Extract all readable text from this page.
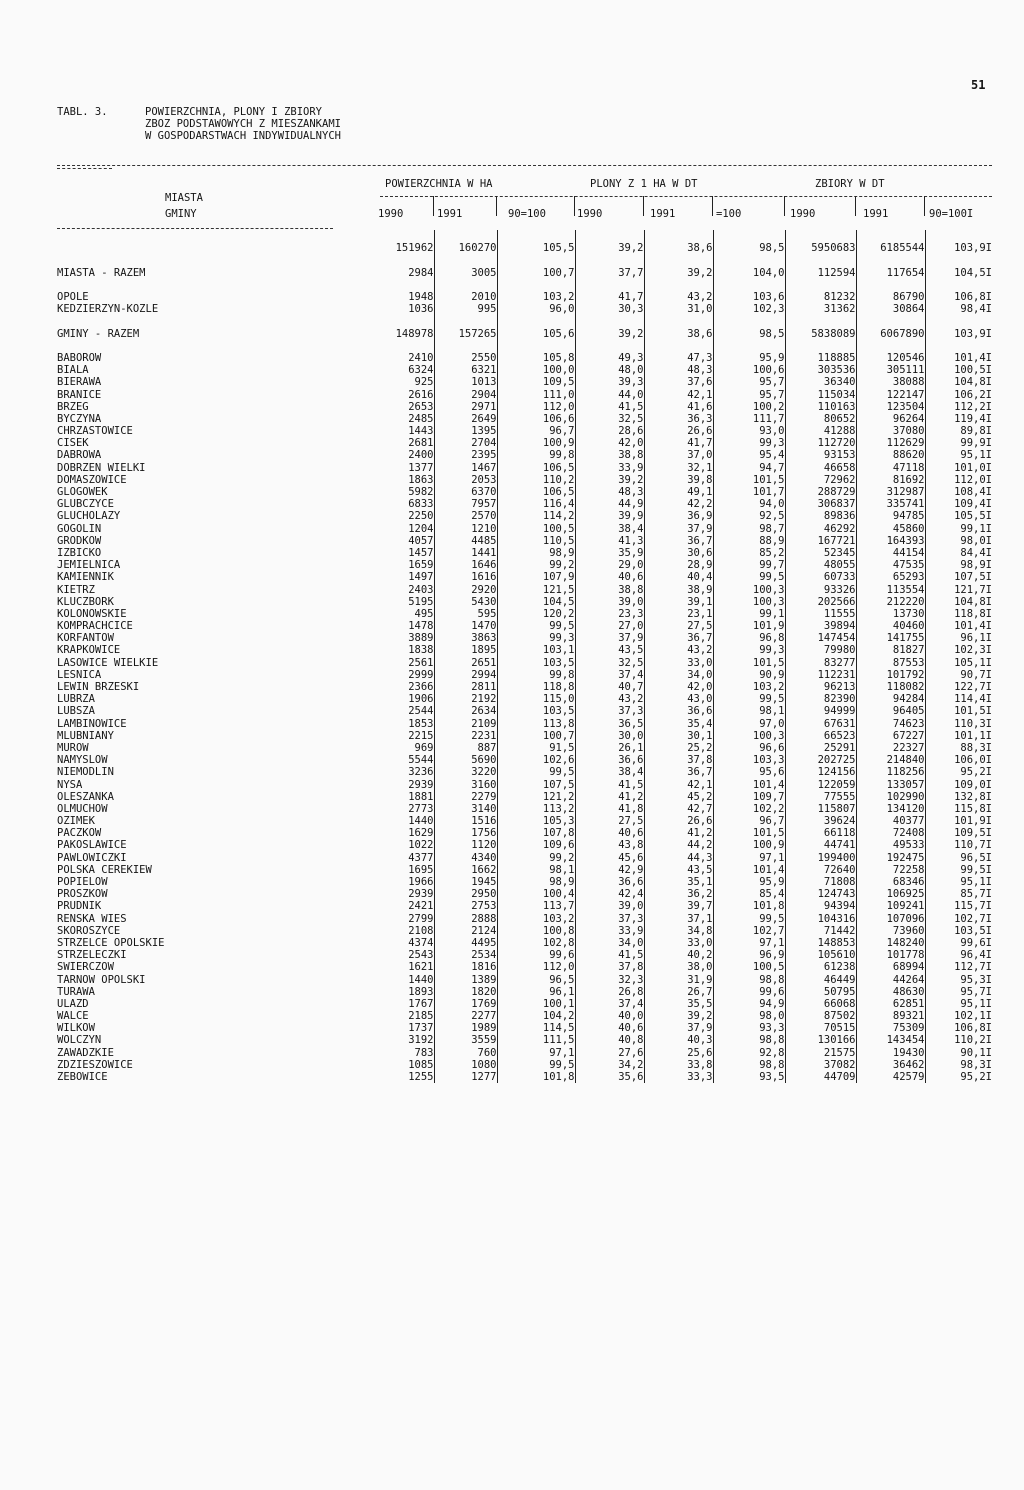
51
TABL. 3.	POWIERZCHNIA, PLONY I ZBIORY
ZBOZ PODSTAWOWYCH Z MIESZANKAMI
W GOSPODARSTWACH INDYWIDUALNYCH
MIASTA
GMINY
POWIERZCHNIA W HA	PLONY Z 1 HA W DT	ZBIORY W DT
1990	1991	90=100	1990	1991	=100	1990	1991	90=100I

		151962	160270	105,5	39,2	38,6	98,5	5950683	6185544	103,9I

MIASTA - RAZEM		2984	3005	100,7	37,7	39,2	104,0	112594	117654	104,5I

OPOLE		1948	2010	103,2	41,7	43,2	103,6	81232	86790	106,8I
KEDZIERZYN-KOZLE		1036	995	96,0	30,3	31,0	102,3	31362	30864	98,4I

GMINY - RAZEM		148978	157265	105,6	39,2	38,6	98,5	5838089	6067890	103,9I

BABOROW		2410	2550	105,8	49,3	47,3	95,9	118885	120546	101,4I
BIALA		6324	6321	100,0	48,0	48,3	100,6	303536	305111	100,5I
BIERAWA		925	1013	109,5	39,3	37,6	95,7	36340	38088	104,8I
BRANICE		2616	2904	111,0	44,0	42,1	95,7	115034	122147	106,2I
BRZEG		2653	2971	112,0	41,5	41,6	100,2	110163	123504	112,2I
BYCZYNA		2485	2649	106,6	32,5	36,3	111,7	80652	96264	119,4I
CHRZASTOWICE		1443	1395	96,7	28,6	26,6	93,0	41288	37080	89,8I
CISEK		2681	2704	100,9	42,0	41,7	99,3	112720	112629	99,9I
DABROWA		2400	2395	99,8	38,8	37,0	95,4	93153	88620	95,1I
DOBRZEN WIELKI		1377	1467	106,5	33,9	32,1	94,7	46658	47118	101,0I
DOMASZOWICE		1863	2053	110,2	39,2	39,8	101,5	72962	81692	112,0I
GLOGOWEK		5982	6370	106,5	48,3	49,1	101,7	288729	312987	108,4I
GLUBCZYCE		6833	7957	116,4	44,9	42,2	94,0	306837	335741	109,4I
GLUCHOLAZY		2250	2570	114,2	39,9	36,9	92,5	89836	94785	105,5I
GOGOLIN		1204	1210	100,5	38,4	37,9	98,7	46292	45860	99,1I
GRODKOW		4057	4485	110,5	41,3	36,7	88,9	167721	164393	98,0I
IZBICKO		1457	1441	98,9	35,9	30,6	85,2	52345	44154	84,4I
JEMIELNICA		1659	1646	99,2	29,0	28,9	99,7	48055	47535	98,9I
KAMIENNIK		1497	1616	107,9	40,6	40,4	99,5	60733	65293	107,5I
KIETRZ		2403	2920	121,5	38,8	38,9	100,3	93326	113554	121,7I
KLUCZBORK		5195	5430	104,5	39,0	39,1	100,3	202566	212220	104,8I
KOLONOWSKIE		495	595	120,2	23,3	23,1	99,1	11555	13730	118,8I
KOMPRACHCICE		1478	1470	99,5	27,0	27,5	101,9	39894	40460	101,4I
KORFANTOW		3889	3863	99,3	37,9	36,7	96,8	147454	141755	96,1I
KRAPKOWICE		1838	1895	103,1	43,5	43,2	99,3	79980	81827	102,3I
LASOWICE WIELKIE		2561	2651	103,5	32,5	33,0	101,5	83277	87553	105,1I
LESNICA		2999	2994	99,8	37,4	34,0	90,9	112231	101792	90,7I
LEWIN BRZESKI		2366	2811	118,8	40,7	42,0	103,2	96213	118082	122,7I
LUBRZA		1906	2192	115,0	43,2	43,0	99,5	82390	94284	114,4I
LUBSZA		2544	2634	103,5	37,3	36,6	98,1	94999	96405	101,5I
LAMBINOWICE		1853	2109	113,8	36,5	35,4	97,0	67631	74623	110,3I
MLUBNIANY		2215	2231	100,7	30,0	30,1	100,3	66523	67227	101,1I
MUROW		969	887	91,5	26,1	25,2	96,6	25291	22327	88,3I
NAMYSLOW		5544	5690	102,6	36,6	37,8	103,3	202725	214840	106,0I
NIEMODLIN		3236	3220	99,5	38,4	36,7	95,6	124156	118256	95,2I
NYSA		2939	3160	107,5	41,5	42,1	101,4	122059	133057	109,0I
OLESZANKA		1881	2279	121,2	41,2	45,2	109,7	77555	102990	132,8I
OLMUCHOW		2773	3140	113,2	41,8	42,7	102,2	115807	134120	115,8I
OZIMEK		1440	1516	105,3	27,5	26,6	96,7	39624	40377	101,9I
PACZKOW		1629	1756	107,8	40,6	41,2	101,5	66118	72408	109,5I
PAKOSLAWICE		1022	1120	109,6	43,8	44,2	100,9	44741	49533	110,7I
PAWLOWICZKI		4377	4340	99,2	45,6	44,3	97,1	199400	192475	96,5I
POLSKA CEREKIEW		1695	1662	98,1	42,9	43,5	101,4	72640	72258	99,5I
POPIELOW		1966	1945	98,9	36,6	35,1	95,9	71808	68346	95,1I
PROSZKOW		2939	2950	100,4	42,4	36,2	85,4	124743	106925	85,7I
PRUDNIK		2421	2753	113,7	39,0	39,7	101,8	94394	109241	115,7I
RENSKA WIES		2799	2888	103,2	37,3	37,1	99,5	104316	107096	102,7I
SKOROSZYCE		2108	2124	100,8	33,9	34,8	102,7	71442	73960	103,5I
STRZELCE OPOLSKIE		4374	4495	102,8	34,0	33,0	97,1	148853	148240	99,6I
STRZELECZKI		2543	2534	99,6	41,5	40,2	96,9	105610	101778	96,4I
SWIERCZOW		1621	1816	112,0	37,8	38,0	100,5	61238	68994	112,7I
TARNOW OPOLSKI		1440	1389	96,5	32,3	31,9	98,8	46449	44264	95,3I
TURAWA		1893	1820	96,1	26,8	26,7	99,6	50795	48630	95,7I
ULAZD		1767	1769	100,1	37,4	35,5	94,9	66068	62851	95,1I
WALCE		2185	2277	104,2	40,0	39,2	98,0	87502	89321	102,1I
WILKOW		1737	1989	114,5	40,6	37,9	93,3	70515	75309	106,8I
WOLCZYN		3192	3559	111,5	40,8	40,3	98,8	130166	143454	110,2I
ZAWADZKIE		783	760	97,1	27,6	25,6	92,8	21575	19430	90,1I
ZDZIESZOWICE		1085	1080	99,5	34,2	33,8	98,8	37082	36462	98,3I
ZEBOWICE		1255	1277	101,8	35,6	33,3	93,5	44709	42579	95,2I
